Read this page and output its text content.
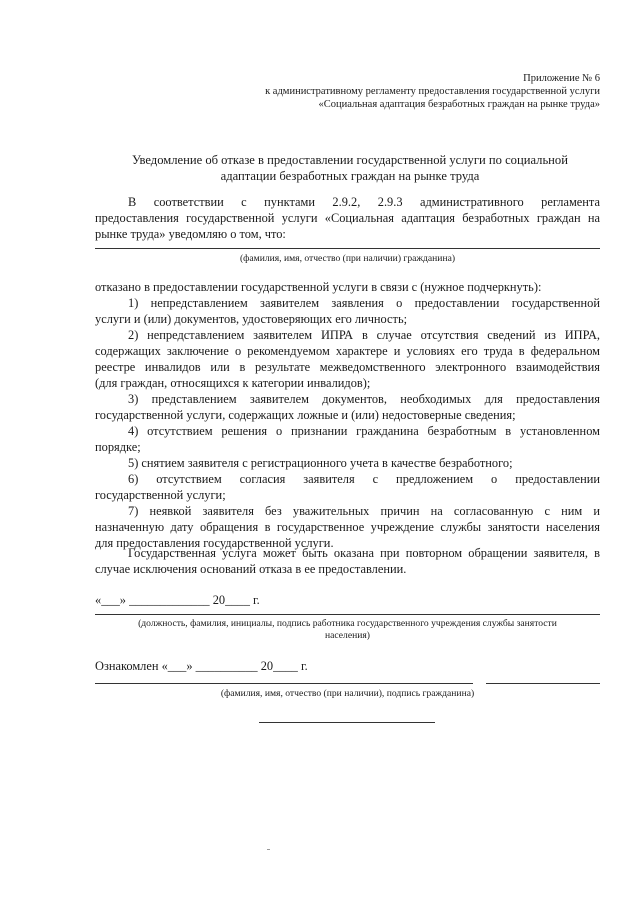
Приложение № 6
к административному регламенту предоставления государственной услуги
«Социальная адаптация безработных граждан на рынке труда»
Уведомление об отказе в предоставлении государственной услуги по социальной
адаптации безработных граждан на рынке труда
В соответствии с пунктами 2.9.2, 2.9.3 административного регламента
предоставления государственной услуги «Социальная адаптация безработных граждан на
рынке труда» уведомляю о том, что:
(фамилия, имя, отчество (при наличии) гражданина)
отказано в предоставлении государственной услуги в связи с (нужное подчеркнуть):
1) непредставлением заявителем заявления о предоставлении государственной
услуги и (или) документов, удостоверяющих его личность;
2) непредставлением заявителем ИПРА в случае отсутствия сведений из ИПРА,
содержащих заключение о рекомендуемом характере и условиях его труда в федеральном
реестре инвалидов или в результате межведомственного электронного взаимодействия
(для граждан, относящихся к категории инвалидов);
3) представлением заявителем документов, необходимых для предоставления
государственной услуги, содержащих ложные и (или) недостоверные сведения;
4) отсутствием решения о признании гражданина безработным в установленном
порядке;
5) снятием заявителя с регистрационного учета в качестве безработного;
6) отсутствием согласия заявителя с предложением о предоставлении
государственной услуги;
7) неявкой заявителя без уважительных причин на согласованную с ним и
назначенную дату обращения в государственное учреждение службы занятости населения
для предоставления государственной услуги.
Государственная услуга может быть оказана при повторном обращении заявителя, в
случае исключения оснований отказа в ее предоставлении.
«___» _____________ 20____ г.
(должность, фамилия, инициалы, подпись работника государственного учреждения службы занятости
населения)
Ознакомлен «___» __________ 20____ г.
(фамилия, имя, отчество (при наличии), подпись гражданина)
